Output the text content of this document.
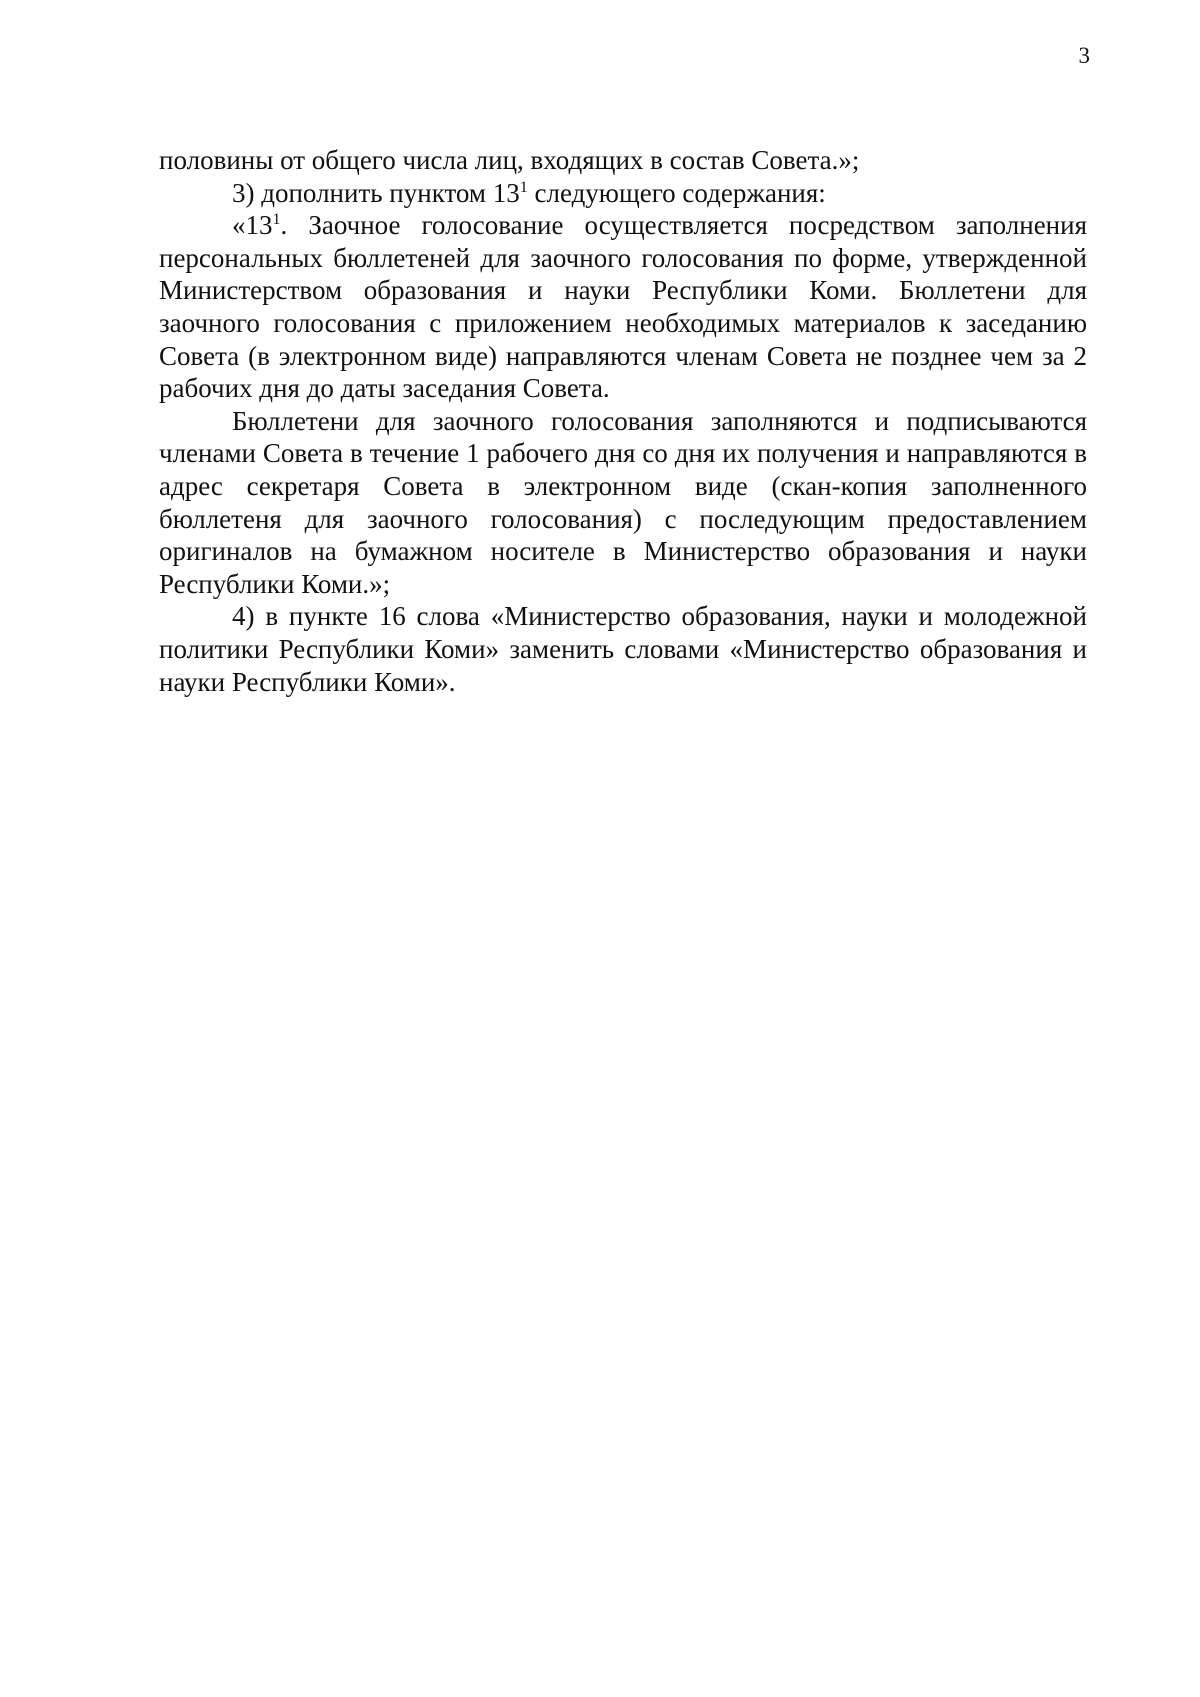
3

половины от общего числа лиц, входящих в состав Совета.»;

3) дополнить пунктом $13^1$ следующего содержания:

«$13^1$. Заочное голосование осуществляется посредством заполнения персональных бюллетеней для заочного голосования по форме, утвержденной Министерством образования и науки Республики Коми. Бюллетени для заочного голосования с приложением необходимых материалов к заседанию Совета (в электронном виде) направляются членам Совета не позднее чем за 2 рабочих дня до даты заседания Совета.

Бюллетени для заочного голосования заполняются и подписываются членами Совета в течение 1 рабочего дня со дня их получения и направляются в адрес секретаря Совета в электронном виде (скан-копия заполненного бюллетеня для заочного голосования) с последующим предоставлением оригиналов на бумажном носителе в Министерство образования и науки Республики Коми.»;

4) в пункте 16 слова «Министерство образования, науки и молодежной политики Республики Коми» заменить словами «Министерство образования и науки Республики Коми».
